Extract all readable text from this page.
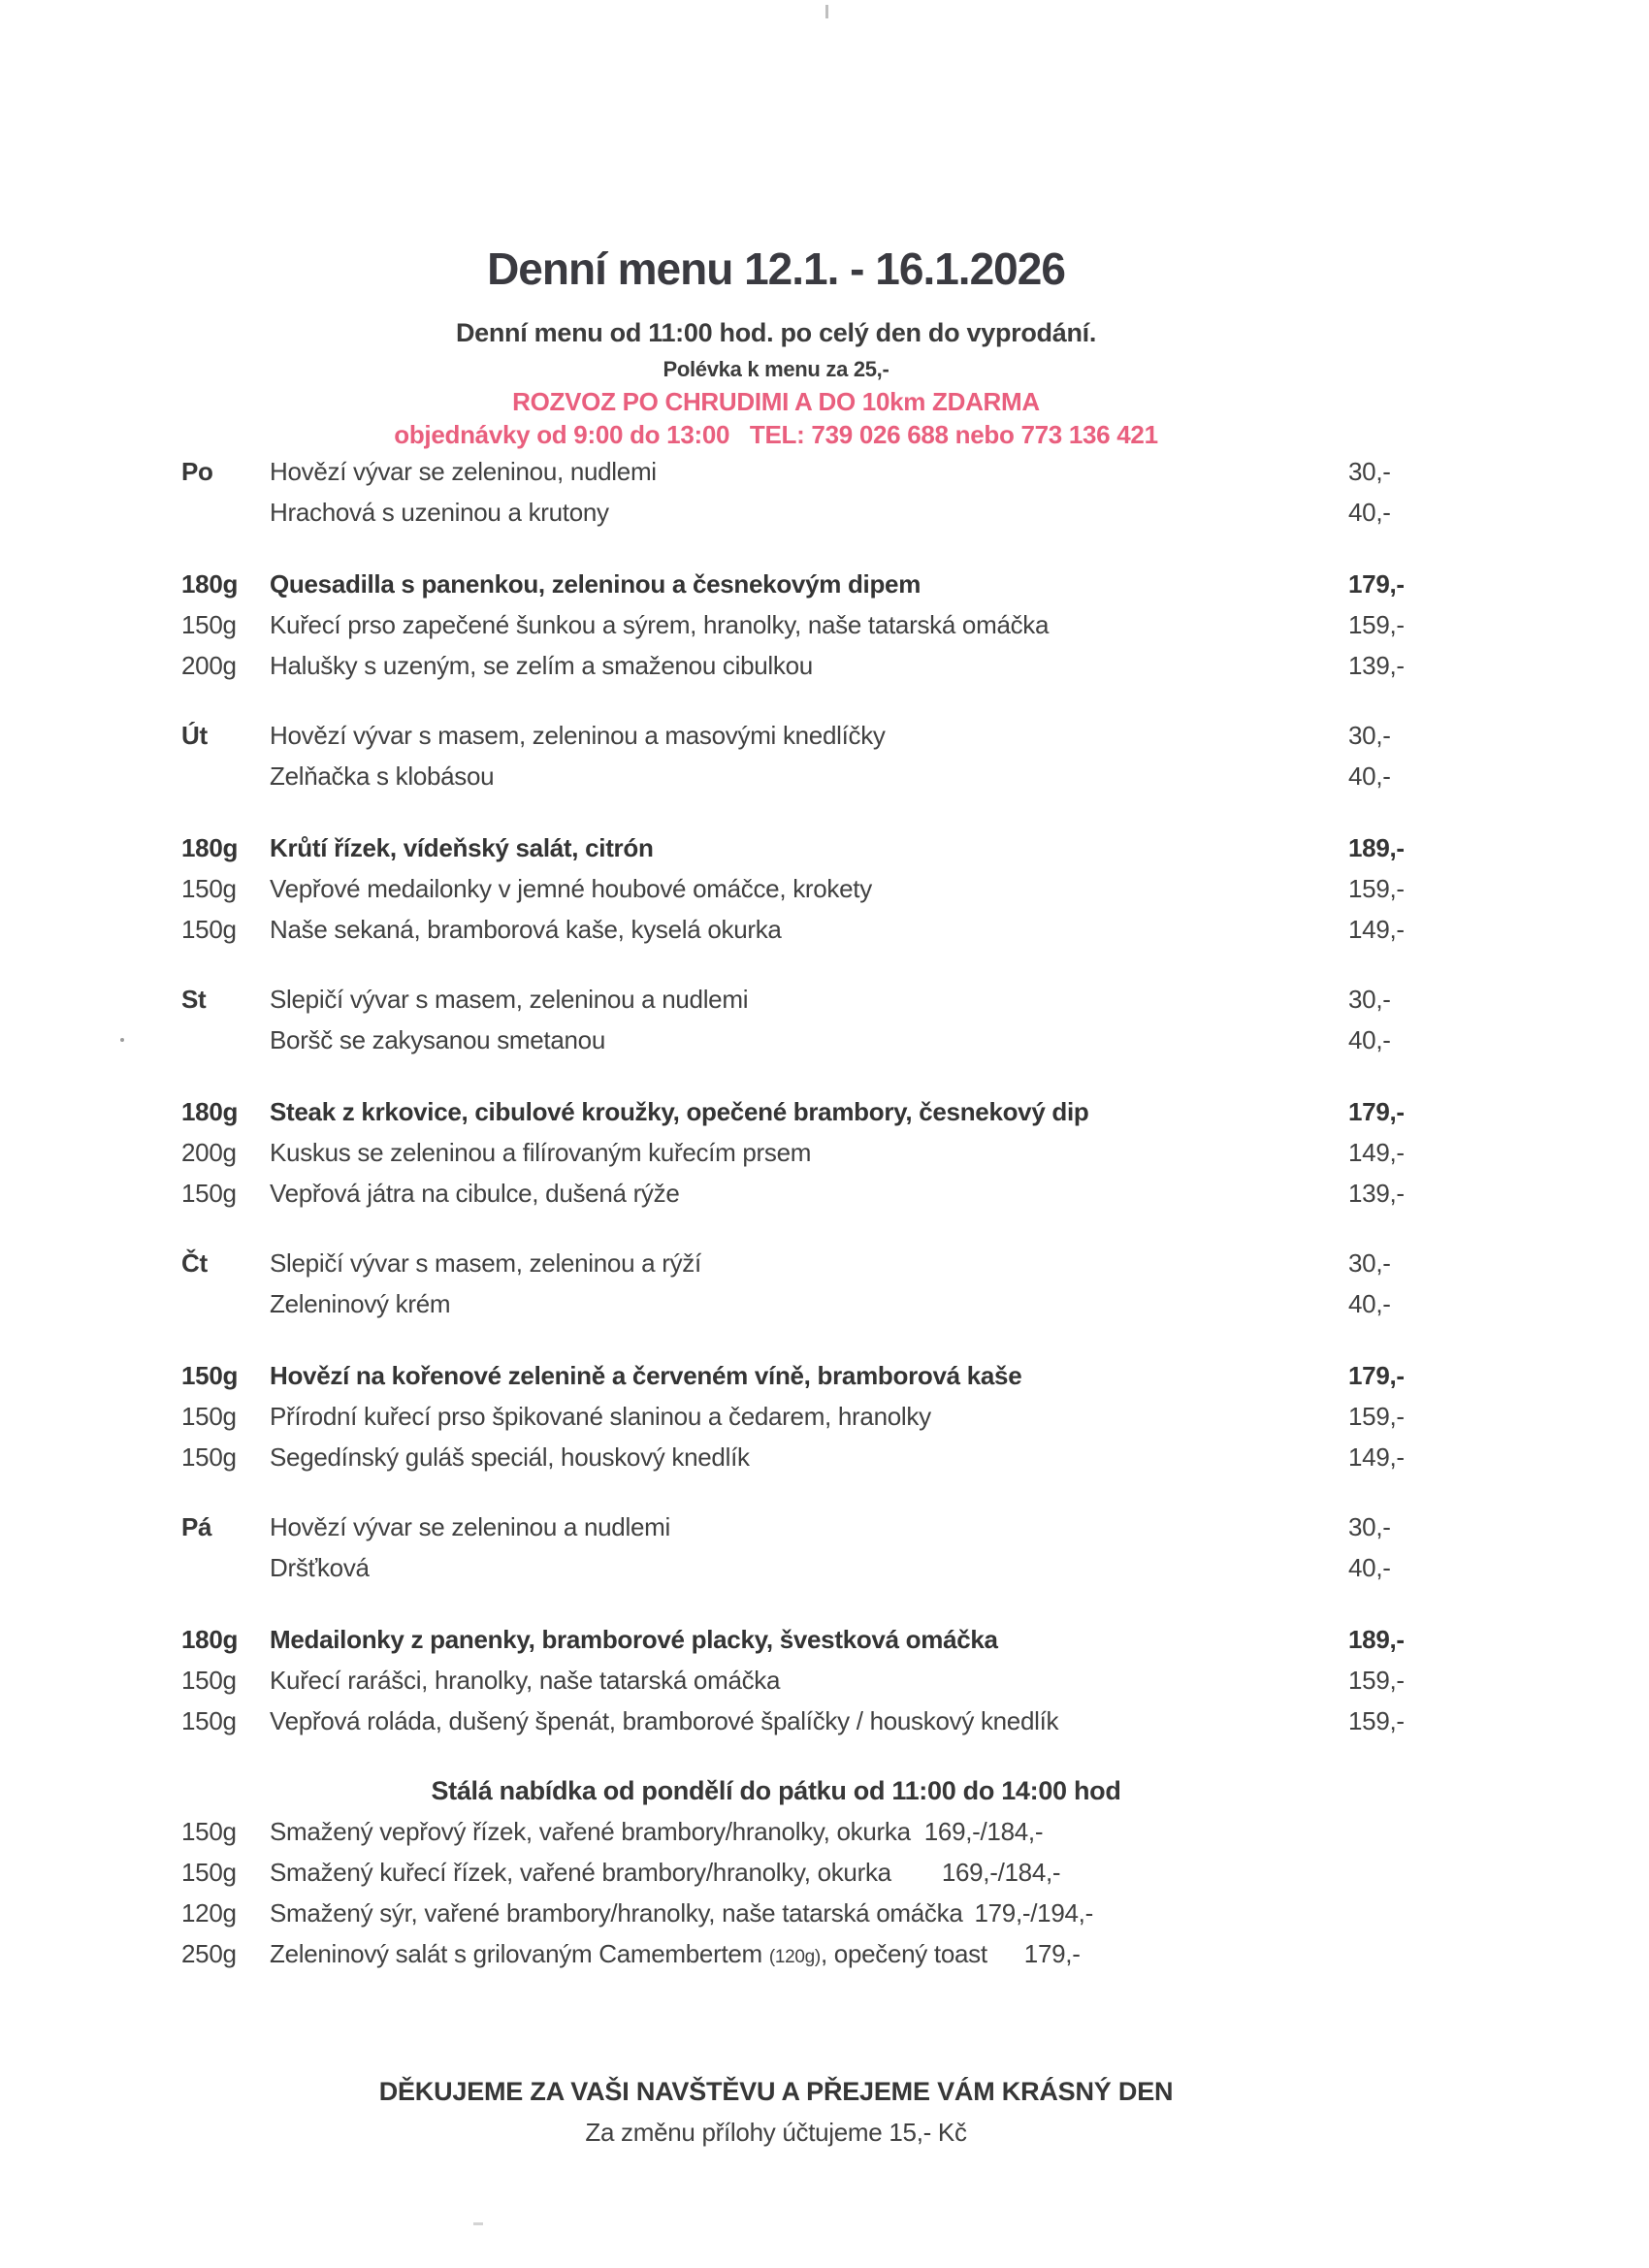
Denní menu 12.1. - 16.1.2026
Denní menu od 11:00 hod. po celý den do vyprodání.
Polévka k menu za 25,-
ROZVOZ PO CHRUDIMI A DO 10km ZDARMA
objednávky od 9:00 do 13:00   TEL: 739 026 688 nebo 773 136 421
Po	Hovězí vývar se zeleninou, nudlemi	30,-
Hrachová s uzeninou a krutony	40,-
180g	Quesadilla s panenkou, zeleninou a česnekovým dipem	179,-
150g	Kuřecí prso zapečené šunkou a sýrem, hranolky, naše tatarská omáčka	159,-
200g	Halušky s uzeným, se zelím a smaženou cibulkou	139,-
Út	Hovězí vývar s masem, zeleninou a masovými knedlíčky	30,-
Zelňačka s klobásou	40,-
180g	Krůtí řízek, vídeňský salát, citrón	189,-
150g	Vepřové medailonky v jemné houbové omáčce, krokety	159,-
150g	Naše sekaná, bramborová kaše, kyselá okurka	149,-
St	Slepičí vývar s masem, zeleninou a nudlemi	30,-
Boršč se zakysanou smetanou	40,-
180g	Steak z krkovice, cibulové kroužky, opečené brambory, česnekový dip	179,-
200g	Kuskus se zeleninou a filírovaným kuřecím prsem	149,-
150g	Vepřová játra na cibulce, dušená rýže	139,-
Čt	Slepičí vývar s masem, zeleninou a rýží	30,-
Zeleninový krém	40,-
150g	Hovězí na kořenové zelenině a červeném víně, bramborová kaše	179,-
150g	Přírodní kuřecí prso špikované slaninou a čedarem, hranolky	159,-
150g	Segedínský guláš speciál, houskový knedlík	149,-
Pá	Hovězí vývar se zeleninou a nudlemi	30,-
Dršťková	40,-
180g	Medailonky z panenky, bramborové placky, švestková omáčka	189,-
150g	Kuřecí rarášci, hranolky, naše tatarská omáčka	159,-
150g	Vepřová roláda, dušený špenát, bramborové špalíčky / houskový knedlík	159,-
Stálá nabídka od pondělí do pátku od 11:00 do 14:00 hod
150g	Smažený vepřový řízek, vařené brambory/hranolky, okurka 169,-/184,-
150g	Smažený kuřecí řízek, vařené brambory/hranolky, okurka 169,-/184,-
120g	Smažený sýr, vařené brambory/hranolky, naše tatarská omáčka 179,-/194,-
250g	Zeleninový salát s grilovaným Camembertem (120g), opečený toast 179,-
DĚKUJEME ZA VAŠI NAVŠTĚVU A PŘEJEME VÁM KRÁSNÝ DEN
Za změnu přílohy účtujeme 15,- Kč
